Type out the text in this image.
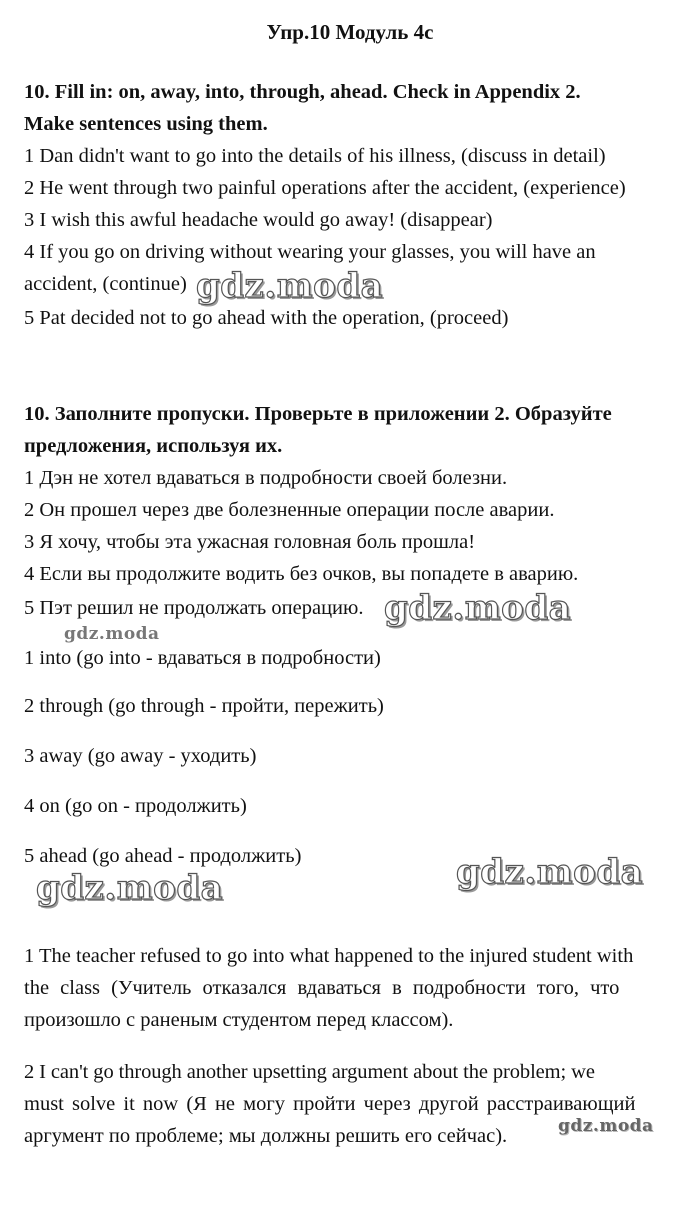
Упр.10 Модуль 4с
10. Fill in: on, away, into, through, ahead. Check in Appendix 2.
Make sentences using them.
1 Dan didn't want to go into the details of his illness, (discuss in detail)
2 He went through two painful operations after the accident, (experience)
3 I wish this awful headache would go away! (disappear)
4 If you go on driving without wearing your glasses, you will have an
accident, (continue)
5 Pat decided not to go ahead with the operation, (proceed)
10. Заполните пропуски. Проверьте в приложении 2. Образуйте
предложения, используя их.
1 Дэн не хотел вдаваться в подробности своей болезни.
2 Он прошел через две болезненные операции после аварии.
3 Я хочу, чтобы эта ужасная головная боль прошла!
4 Если вы продолжите водить без очков, вы попадете в аварию.
5 Пэт решил не продолжать операцию.
1 into (go into - вдаваться в подробности)
2 through (go through - пройти, пережить)
3 away (go away - уходить)
4 on (go on - продолжить)
5 ahead (go ahead - продолжить)
1 The teacher refused to go into what happened to the injured student with
the class (Учитель отказался вдаваться в подробности того, что
произошло с раненым студентом перед классом).
2 I can't go through another upsetting argument about the problem; we
must solve it now (Я не могу пройти через другой расстраивающий
аргумент по проблеме; мы должны решить его сейчас).
gdz.moda
gdz.moda
gdz.moda
gdz.moda	gdz.moda
gdz.moda
